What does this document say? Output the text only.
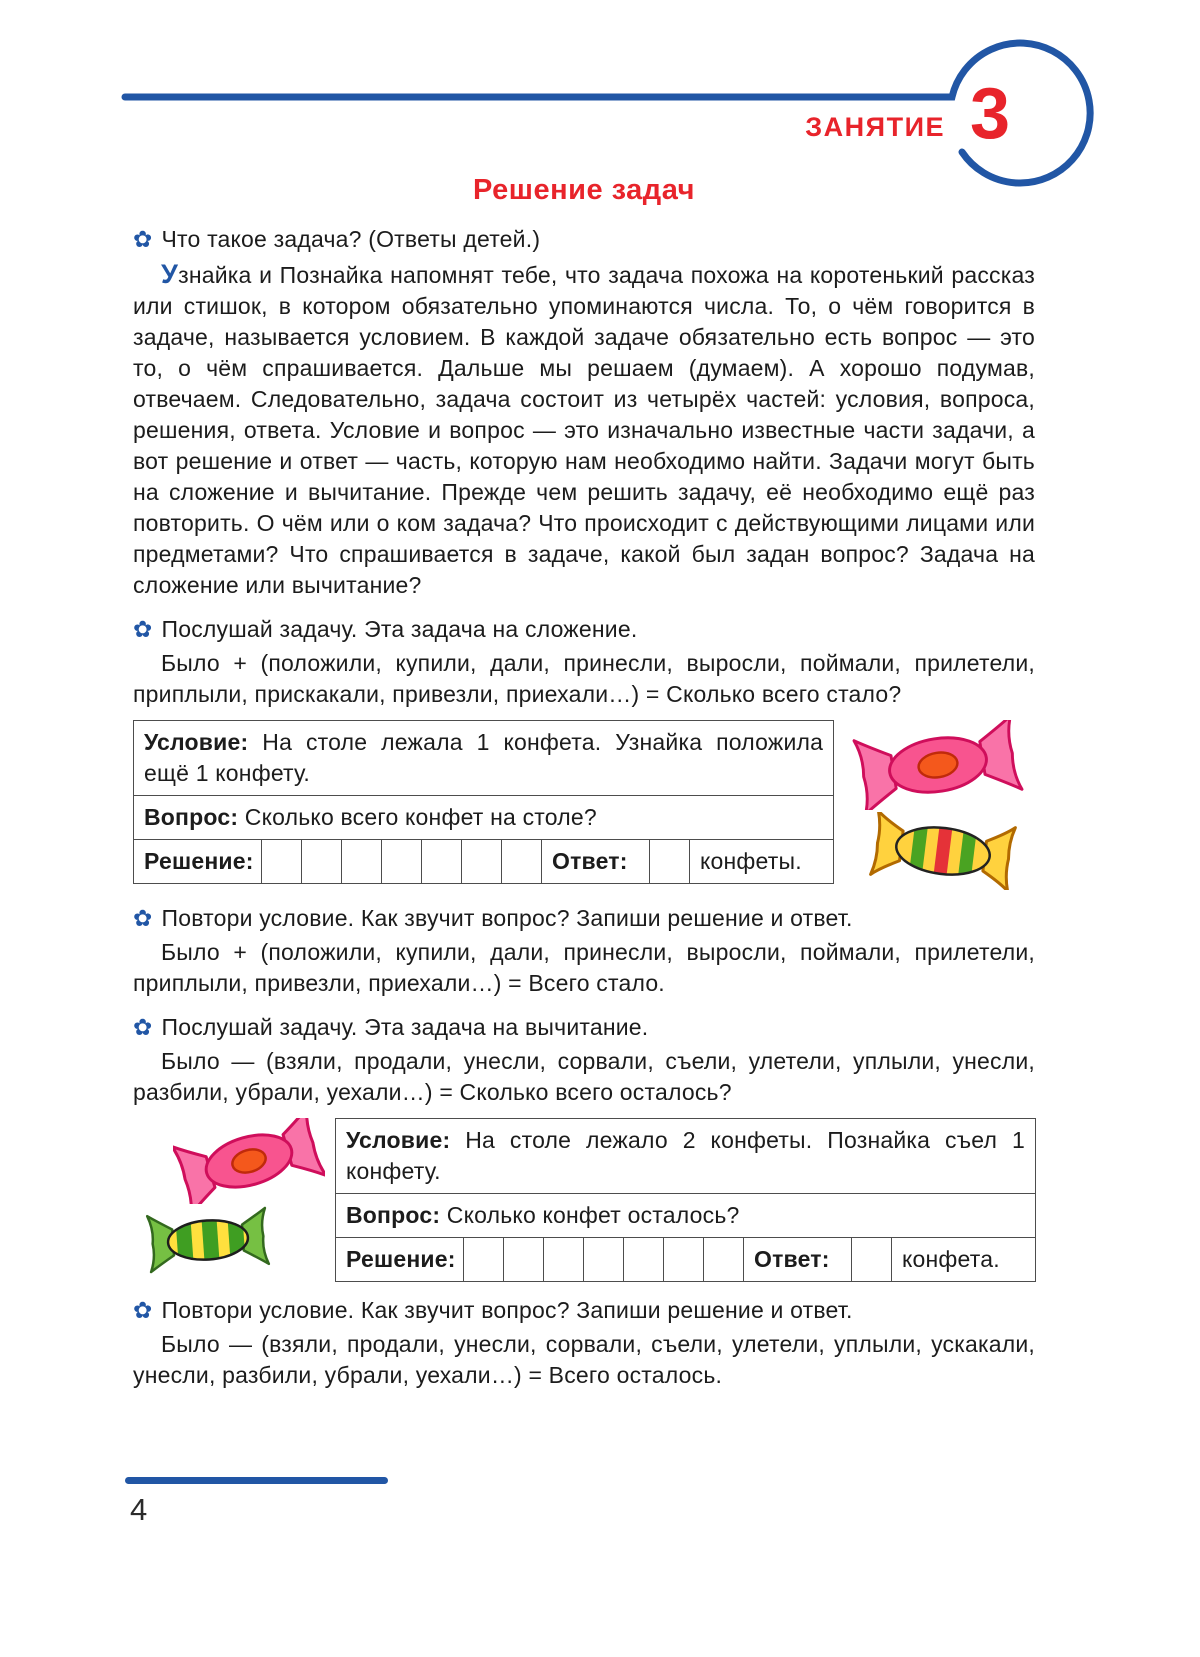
ЗАНЯТИЕ 3
Решение задач

✿ Что такое задача? (Ответы детей.)

Узнайка и Познайка напомнят тебе, что задача похожа на коротенький рассказ или стишок, в котором обязательно упоминаются числа. То, о чём говорится в задаче, называется условием. В каждой задаче обязательно есть вопрос — это то, о чём спрашивается. Дальше мы решаем (думаем). А хорошо подумав, отвечаем. Следовательно, задача состоит из четырёх частей: условия, вопроса, решения, ответа. Условие и вопрос — это изначально известные части задачи, а вот решение и ответ — часть, которую нам необходимо найти. Задачи могут быть на сложение и вычитание. Прежде чем решить задачу, её необходимо ещё раз повторить. О чём или о ком задача? Что происходит с действующими лицами или предметами? Что спрашивается в задаче, какой был задан вопрос? Задача на сложение или вычитание?

✿ Послушай задачу. Эта задача на сложение.

Было + (положили, купили, дали, принесли, выросли, поймали, прилетели, приплыли, прискакали, привезли, приехали…) = Сколько всего стало?

Условие: На столе лежала 1 конфета. Узнайка положила ещё 1 конфету.
Вопрос: Сколько всего конфет на столе?
Решение:								Ответ:		конфеты.

✿ Повтори условие. Как звучит вопрос? Запиши решение и ответ.

Было + (положили, купили, дали, принесли, выросли, поймали, прилетели, приплыли, привезли, приехали…) = Всего стало.

✿ Послушай задачу. Эта задача на вычитание.

Было — (взяли, продали, унесли, сорвали, съели, улетели, уплыли, унесли, разбили, убрали, уехали…) = Сколько всего осталось?

Условие: На столе лежало 2 конфеты. Познайка съел 1 конфету.
Вопрос: Сколько конфет осталось?
Решение:								Ответ:		конфета.

✿ Повтори условие. Как звучит вопрос? Запиши решение и ответ.

Было — (взяли, продали, унесли, сорвали, съели, улетели, уплыли, ускакали, унесли, разбили, убрали, уехали…) = Всего осталось.

4
